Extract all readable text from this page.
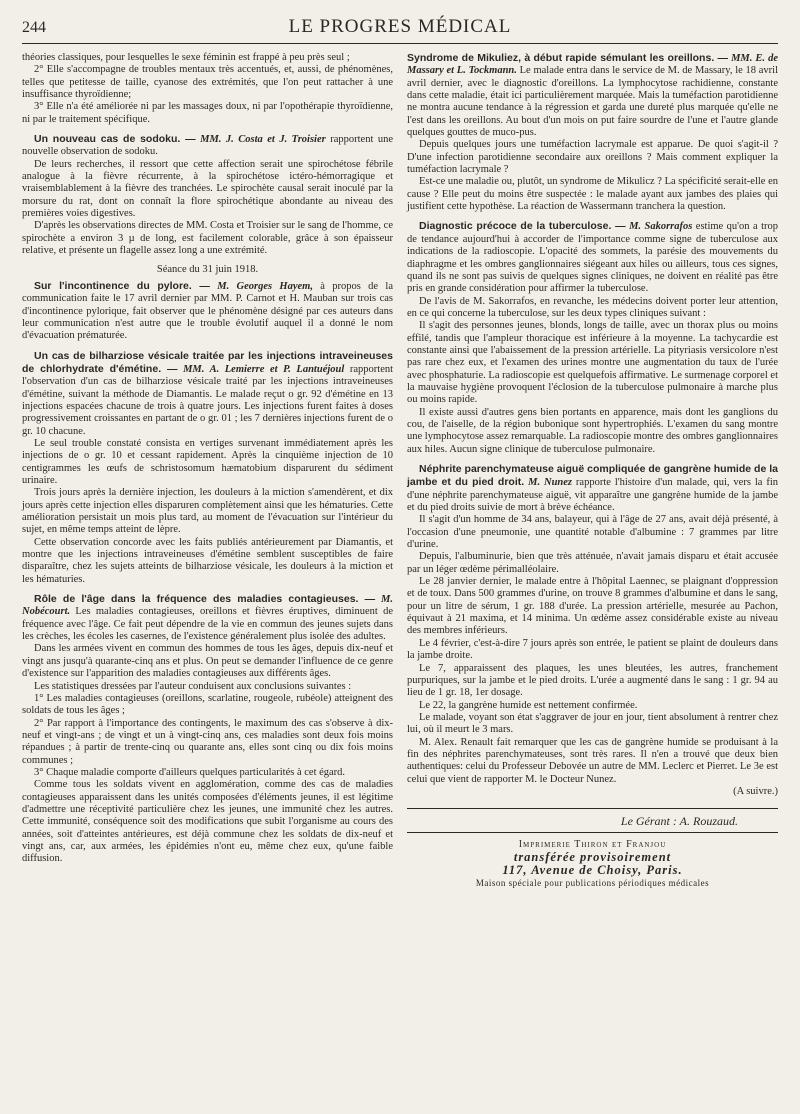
244	LE PROGRES MÉDICAL

théories classiques, pour lesquelles le sexe féminin est frappé à peu près seul ;

2° Elle s'accompagne de troubles mentaux très accentués, et, aussi, de phénomènes, telles que petitesse de taille, cyanose des extrémités, que l'on peut rattacher à une insuffisance thyroïdienne;

3° Elle n'a été améliorée ni par les massages doux, ni par l'opothérapie thyroïdienne, ni par le traitement spécifique.

Un nouveau cas de sodoku. — MM. J. Costa et J. Troisier rapportent une nouvelle observation de sodoku.

De leurs recherches, il ressort que cette affection serait une spirochétose fébrile analogue à la fièvre récurrente, à la spirochétose ictéro-hémorragique et vraisemblablement à la fièvre des tranchées. Le spirochète causal serait inoculé par la morsure du rat, dont on connaît la flore spirochétique abondante au niveau des premières voies digestives.

D'après les observations directes de MM. Costa et Troisier sur le sang de l'homme, ce spirochète a environ 3 µ de long, est facilement colorable, grâce à son épaisseur relative, et présente un flagelle assez long a une extrémité.

Séance du 31 juin 1918.

Sur l'incontinence du pylore. — M. Georges Hayem, à propos de la communication faite le 17 avril dernier par MM. P. Carnot et H. Mauban sur trois cas d'incontinence pylorique, fait observer que le phénomène désigné par ces auteurs dans leur communication n'est autre que le trouble évolutif auquel il a donné le nom d'évacuation prématurée.

Un cas de bilharziose vésicale traitée par les injections intraveineuses de chlorhydrate d'émétine. — MM. A. Lemierre et P. Lantuéjoul rapportent l'observation d'un cas de bilharziose vésicale traité par les injections intraveineuses d'émétine, suivant la méthode de Diamantis. Le malade reçut o gr. 92 d'émétine en 13 injections espacées chacune de trois à quatre jours. Les injections furent faites à doses progressivement croissantes en partant de o gr. 01 ; les 7 dernières injections furent de o gr. 10 chacune.

Le seul trouble constaté consista en vertiges survenant immédiatement après les injections de o gr. 10 et cessant rapidement. Après la cinquième injection de 10 centigrammes les œufs de schristosomum hæmatobium disparurent du sédiment urinaire.

Trois jours après la dernière injection, les douleurs à la miction s'amendèrent, et dix jours après cette injection elles disparuren complètement ainsi que les hématuries. Cette amélioration persistait un mois plus tard, au moment de l'évacuation sur l'intérieur du sujet, en même temps atteint de lèpre.

Cette observation concorde avec les faits publiés antérieurement par Diamantis, et montre que les injections intraveineuses d'émétine semblent susceptibles de faire disparaître, chez les sujets atteints de bilharziose vésicale, les douleurs à la miction et les hématuries.

Rôle de l'âge dans la fréquence des maladies contagieuses. — M. Nobécourt. Les maladies contagieuses, oreillons et fièvres éruptives, diminuent de fréquence avec l'âge. Ce fait peut dépendre de la vie en commun des jeunes sujets dans les crèches, les écoles les casernes, de l'existence généralement plus isolée des adultes.

Dans les armées vivent en commun des hommes de tous les âges, depuis dix-neuf et vingt ans jusqu'à quarante-cinq ans et plus. On peut se demander l'influence de ce genre d'existence sur l'apparition des maladies contagieuses aux différents âges.

Les statistiques dressées par l'auteur conduisent aux conclusions suivantes :

1° Les maladies contagieuses (oreillons, scarlatine, rougeole, rubéole) atteignent des soldats de tous les âges ;

2° Par rapport à l'importance des contingents, le maximum des cas s'observe à dix-neuf et vingt-ans ; de vingt et un à vingt-cinq ans, ces maladies sont deux fois moins répandues ; à partir de trente-cinq ou quarante ans, elles sont cinq ou dix fois moins communes ;

3° Chaque maladie comporte d'ailleurs quelques particularités à cet égard.

Comme tous les soldats vivent en agglomération, comme des cas de maladies contagieuses apparaissent dans les unités composées d'éléments jeunes, il est légitime d'admettre une réceptivité particulière chez les jeunes, une immunité chez les autres. Cette immunité, conséquence soit des modifications que subit l'organisme au cours des années, soit d'atteintes antérieures, est déjà commune chez les soldats de dix-neuf et vingt ans, car, aux armées, les épidémies n'ont eu, même chez eux, qu'une faible diffusion.

Syndrome de Mikuliez, à début rapide sémulant les oreillons. — MM. E. de Massary et L. Tockmann. Le malade entra dans le service de M. de Massary, le 18 avril avril dernier, avec le diagnostic d'oreillons. La lymphocytose rachidienne, constante dans cette maladie, était ici particulièrement marquée. Mais la tuméfaction parotidienne ne montra aucune tendance à la régression et garda une dureté plus marquée qu'elle ne l'est dans les oreillons. Au bout d'un mois on put faire sourdre de l'une et l'autre glande quelques gouttes de muco-pus.

Depuis quelques jours une tuméfaction lacrymale est apparue. De quoi s'agit-il ? D'une infection parotidienne secondaire aux oreillons ? Mais comment expliquer la tuméfaction lacrymale ?

Est-ce une maladie ou, plutôt, un syndrome de Mikulicz ? La spécificité serait-elle en cause ? Elle peut du moins être suspectée : le malade ayant aux jambes des plaies qui justifient cette hypothèse. La réaction de Wassermann tranchera la question.

Diagnostic précoce de la tuberculose. — M. Sakorrafos estime qu'on a trop de tendance aujourd'hui à accorder de l'importance comme signe de tuberculose aux indications de la radioscopie. L'opacité des sommets, la parésie des mouvements du diaphragme et les ombres ganglionnaires siégeant aux hiles ou ailleurs, tous ces signes, quand ils ne sont pas suivis de quelques signes cliniques, ne doivent en réalité pas être pris en grande considération pour affirmer la tuberculose.

De l'avis de M. Sakorrafos, en revanche, les médecins doivent porter leur attention, en ce qui concerne la tuberculose, sur les deux types cliniques suivant :

Il s'agit des personnes jeunes, blonds, longs de taille, avec un thorax plus ou moins effilé, tandis que l'ampleur thoracique est inférieure à la moyenne. La tachycardie est constante ainsi que l'abaissement de la pression artérielle. La pityriasis versicolore n'est pas rare chez eux, et l'examen des urines montre une augmentation du taux de l'urée avec phosphaturie. La radioscopie est quelquefois affirmative. Le surmenage corporel et la mauvaise hygiène provoquent l'éclosion de la tuberculose pulmonaire à marche plus ou moins rapide.

Il existe aussi d'autres gens bien portants en apparence, mais dont les ganglions du cou, de l'aiselle, de la région bubonique sont hypertrophiés. L'examen du sang montre une lymphocytose assez remarquable. La radioscopie montre des ombres ganglionnaires aux hiles. Aucun signe clinique de tuberculose pulmonaire.

Néphrite parenchymateuse aiguë compliquée de gangrène humide de la jambe et du pied droit. M. Nunez rapporte l'histoire d'un malade, qui, vers la fin d'une néphrite parenchymateuse aiguë, vit apparaître une gangrène humide de la jambe et du pied droits suivie de mort à brève échéance.

Il s'agit d'un homme de 34 ans, balayeur, qui à l'âge de 27 ans, avait déjà présenté, à l'occasion d'une pneumonie, une quantité notable d'albumine : 7 grammes par litre d'urine.

Depuis, l'albuminurie, bien que très atténuée, n'avait jamais disparu et était accusée par un léger œdème périmalléolaire.

Le 28 janvier dernier, le malade entre à l'hôpital Laennec, se plaignant d'oppression et de toux. Dans 500 grammes d'urine, on trouve 8 grammes d'albumine et dans le sang, pour un litre de sérum, 1 gr. 188 d'urée. La pression artérielle, mesurée au Pachon, équivaut à 21 maxima, et 14 minima. Un œdème assez considérable existe au niveau des membres inférieurs.

Le 4 février, c'est-à-dire 7 jours après son entrée, le patient se plaint de douleurs dans la jambe droite.

Le 7, apparaissent des plaques, les unes bleutées, les autres, franchement purpuriques, sur la jambe et le pied droits. L'urée a augmenté dans le sang : 1 gr. 94 au lieu de 1 gr. 18, 1er dosage.

Le 22, la gangrène humide est nettement confirmée.

Le malade, voyant son état s'aggraver de jour en jour, tient absolument à rentrer chez lui, où il meurt le 3 mars.

M. Alex. Renault fait remarquer que les cas de gangrène humide se produisant à la fin des néphrites parenchymateuses, sont très rares. Il n'en a trouvé que deux bien authentiques: celui du Professeur Debovée un autre de MM. Leclerc et Pierret. Le 3e est celui que vient de rapporter M. le Docteur Nunez.

(A suivre.)

Le Gérant : A. Rouzaud.
Imprimerie Thiron et Franjou
transférée provisoirement
117, Avenue de Choisy, Paris.
Maison spéciale pour publications périodiques médicales
